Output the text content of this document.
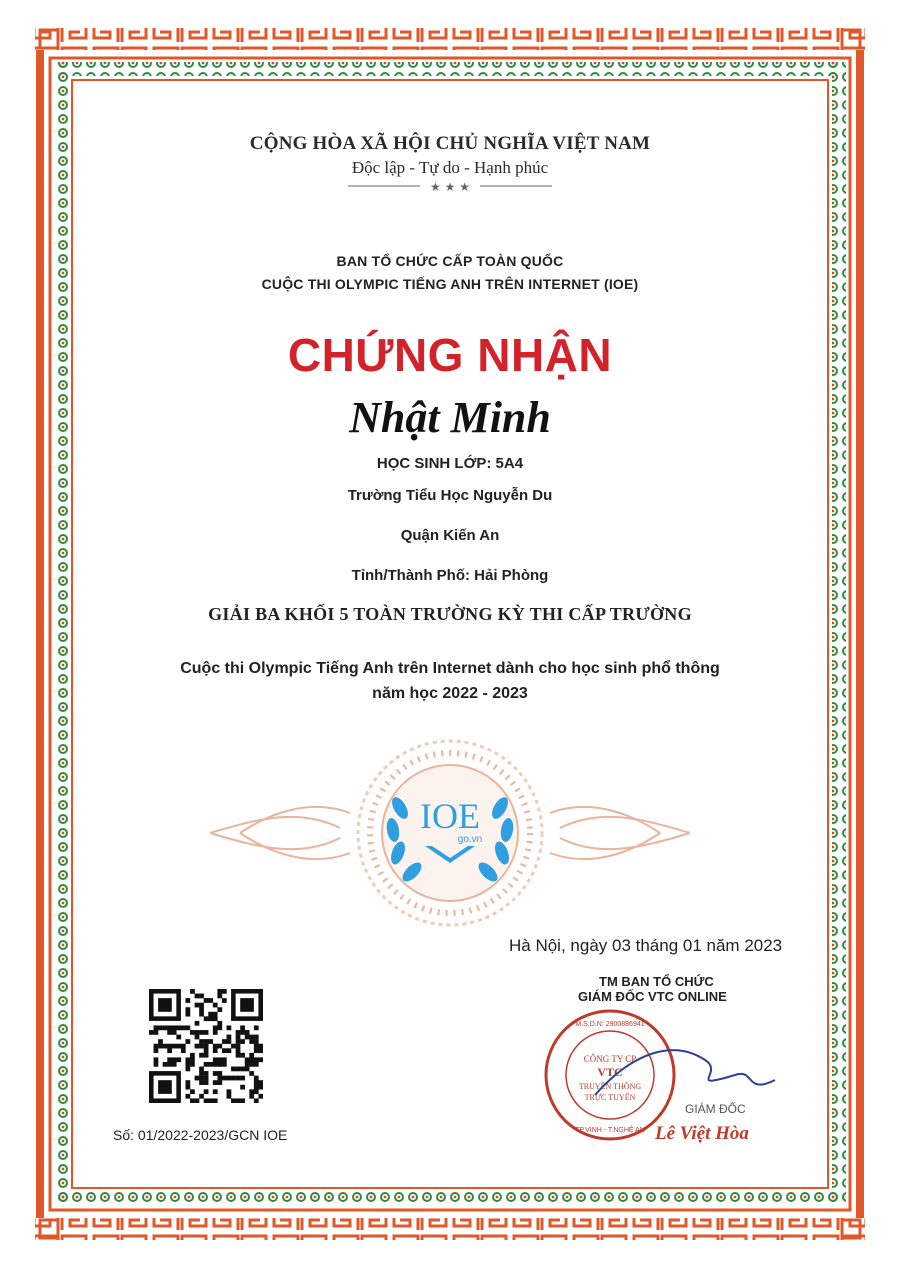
CỘNG HÒA XÃ HỘI CHỦ NGHĨA VIỆT NAM
Độc lập - Tự do - Hạnh phúc
★ ★ ★
BAN TỔ CHỨC CẤP TOÀN QUỐC
CUỘC THI OLYMPIC TIẾNG ANH TRÊN INTERNET (IOE)
CHỨNG NHẬN
Nhật Minh
HỌC SINH LỚP: 5A4
Trường Tiểu Học Nguyễn Du
Quận Kiến An
Tỉnh/Thành Phố: Hải Phòng
GIẢI BA KHỐI 5 TOÀN TRƯỜNG KỲ THI CẤP TRƯỜNG
Cuộc thi Olympic Tiếng Anh trên Internet dành cho học sinh phổ thông
năm học 2022 - 2023
IOE
go.vn
Hà Nội, ngày 03 tháng 01 năm 2023
TM BAN TỔ CHỨC
GIÁM ĐỐC VTC ONLINE
CÔNG TY CP
VTC
TRUYỀN THÔNG
TRỰC TUYẾN
M.S.D.N: 2900886941
TP.VINH - T.NGHỆ AN
GIÁM ĐỐC
Lê Việt Hòa
Số: 01/2022-2023/GCN IOE
